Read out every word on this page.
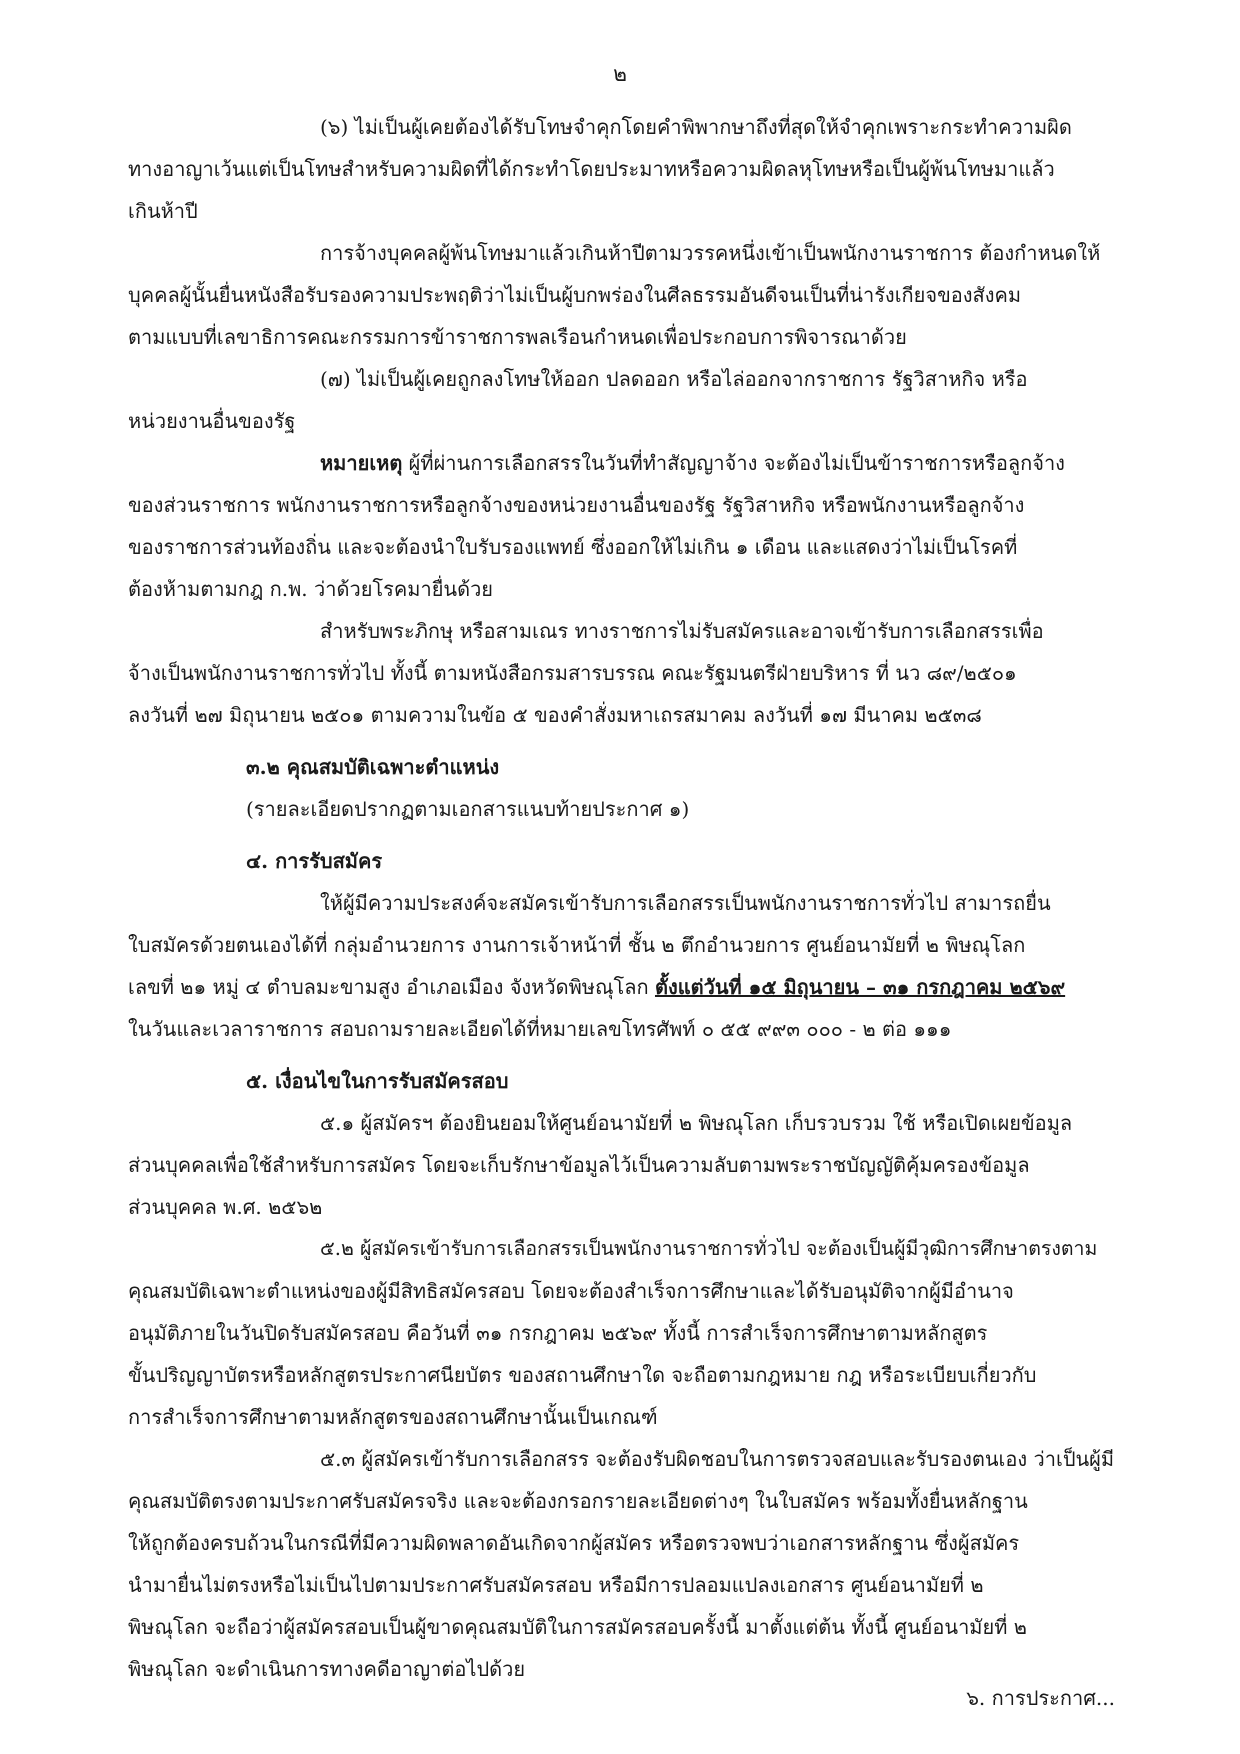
๒
(๖) ไม่เป็นผู้เคยต้องได้รับโทษจำคุกโดยคำพิพากษาถึงที่สุดให้จำคุกเพราะกระทำความผิด
ทางอาญาเว้นแต่เป็นโทษสำหรับความผิดที่ได้กระทำโดยประมาทหรือความผิดลหุโทษหรือเป็นผู้พ้นโทษมาแล้ว
เกินห้าปี
การจ้างบุคคลผู้พ้นโทษมาแล้วเกินห้าปีตามวรรคหนึ่งเข้าเป็นพนักงานราชการ ต้องกำหนดให้
บุคคลผู้นั้นยื่นหนังสือรับรองความประพฤติว่าไม่เป็นผู้บกพร่องในศีลธรรมอันดีจนเป็นที่น่ารังเกียจของสังคม
ตามแบบที่เลขาธิการคณะกรรมการข้าราชการพลเรือนกำหนดเพื่อประกอบการพิจารณาด้วย
(๗) ไม่เป็นผู้เคยถูกลงโทษให้ออก ปลดออก หรือไล่ออกจากราชการ รัฐวิสาหกิจ หรือ
หน่วยงานอื่นของรัฐ
หมายเหตุ ผู้ที่ผ่านการเลือกสรรในวันที่ทำสัญญาจ้าง จะต้องไม่เป็นข้าราชการหรือลูกจ้าง
ของส่วนราชการ พนักงานราชการหรือลูกจ้างของหน่วยงานอื่นของรัฐ รัฐวิสาหกิจ หรือพนักงานหรือลูกจ้าง
ของราชการส่วนท้องถิ่น และจะต้องนำใบรับรองแพทย์ ซึ่งออกให้ไม่เกิน ๑ เดือน และแสดงว่าไม่เป็นโรคที่
ต้องห้ามตามกฎ ก.พ. ว่าด้วยโรคมายื่นด้วย
สำหรับพระภิกษุ หรือสามเณร ทางราชการไม่รับสมัครและอาจเข้ารับการเลือกสรรเพื่อ
จ้างเป็นพนักงานราชการทั่วไป ทั้งนี้ ตามหนังสือกรมสารบรรณ คณะรัฐมนตรีฝ่ายบริหาร ที่ นว ๘๙/๒๕๐๑
ลงวันที่ ๒๗ มิถุนายน ๒๕๐๑ ตามความในข้อ ๕ ของคำสั่งมหาเถรสมาคม ลงวันที่ ๑๗ มีนาคม ๒๕๓๘
๓.๒ คุณสมบัติเฉพาะตำแหน่ง
(รายละเอียดปรากฏตามเอกสารแนบท้ายประกาศ ๑)
๔. การรับสมัคร
ให้ผู้มีความประสงค์จะสมัครเข้ารับการเลือกสรรเป็นพนักงานราชการทั่วไป สามารถยื่น
ใบสมัครด้วยตนเองได้ที่ กลุ่มอำนวยการ งานการเจ้าหน้าที่ ชั้น ๒ ตึกอำนวยการ ศูนย์อนามัยที่ ๒ พิษณุโลก
เลขที่ ๒๑ หมู่ ๔ ตำบลมะขามสูง อำเภอเมือง จังหวัดพิษณุโลก ตั้งแต่วันที่ ๑๕ มิถุนายน – ๓๑ กรกฎาคม ๒๕๖๙
ในวันและเวลาราชการ สอบถามรายละเอียดได้ที่หมายเลขโทรศัพท์ ๐ ๕๕ ๙๙๓ ๐๐๐ - ๒ ต่อ ๑๑๑
๕. เงื่อนไขในการรับสมัครสอบ
๕.๑ ผู้สมัครฯ ต้องยินยอมให้ศูนย์อนามัยที่ ๒ พิษณุโลก เก็บรวบรวม ใช้ หรือเปิดเผยข้อมูล
ส่วนบุคคลเพื่อใช้สำหรับการสมัคร โดยจะเก็บรักษาข้อมูลไว้เป็นความลับตามพระราชบัญญัติคุ้มครองข้อมูล
ส่วนบุคคล พ.ศ. ๒๕๖๒
๕.๒ ผู้สมัครเข้ารับการเลือกสรรเป็นพนักงานราชการทั่วไป จะต้องเป็นผู้มีวุฒิการศึกษาตรงตาม
คุณสมบัติเฉพาะตำแหน่งของผู้มีสิทธิสมัครสอบ โดยจะต้องสำเร็จการศึกษาและได้รับอนุมัติจากผู้มีอำนาจ
อนุมัติภายในวันปิดรับสมัครสอบ คือวันที่ ๓๑ กรกฎาคม ๒๕๖๙ ทั้งนี้ การสำเร็จการศึกษาตามหลักสูตร
ขั้นปริญญาบัตรหรือหลักสูตรประกาศนียบัตร ของสถานศึกษาใด จะถือตามกฎหมาย กฎ หรือระเบียบเกี่ยวกับ
การสำเร็จการศึกษาตามหลักสูตรของสถานศึกษานั้นเป็นเกณฑ์
๕.๓ ผู้สมัครเข้ารับการเลือกสรร จะต้องรับผิดชอบในการตรวจสอบและรับรองตนเอง ว่าเป็นผู้มี
คุณสมบัติตรงตามประกาศรับสมัครจริง และจะต้องกรอกรายละเอียดต่างๆ ในใบสมัคร พร้อมทั้งยื่นหลักฐาน
ให้ถูกต้องครบถ้วนในกรณีที่มีความผิดพลาดอันเกิดจากผู้สมัคร หรือตรวจพบว่าเอกสารหลักฐาน ซึ่งผู้สมัคร
นำมายื่นไม่ตรงหรือไม่เป็นไปตามประกาศรับสมัครสอบ หรือมีการปลอมแปลงเอกสาร ศูนย์อนามัยที่ ๒
พิษณุโลก จะถือว่าผู้สมัครสอบเป็นผู้ขาดคุณสมบัติในการสมัครสอบครั้งนี้ มาตั้งแต่ต้น ทั้งนี้ ศูนย์อนามัยที่ ๒
พิษณุโลก จะดำเนินการทางคดีอาญาต่อไปด้วย
๖. การประกาศ...
